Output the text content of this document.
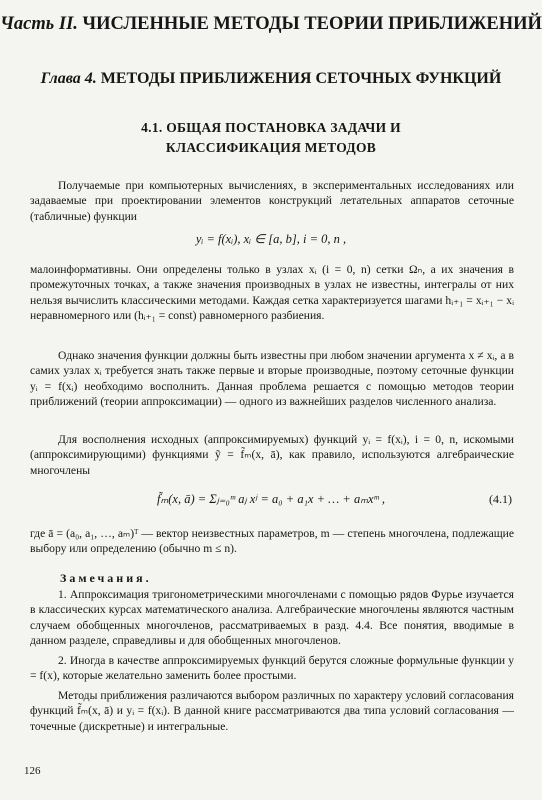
Часть II. ЧИСЛЕННЫЕ МЕТОДЫ ТЕОРИИ ПРИБЛИЖЕНИЙ
Глава 4. МЕТОДЫ ПРИБЛИЖЕНИЯ СЕТОЧНЫХ ФУНКЦИЙ
4.1. ОБЩАЯ ПОСТАНОВКА ЗАДАЧИ И КЛАССИФИКАЦИЯ МЕТОДОВ
Получаемые при компьютерных вычислениях, в экспериментальных исследованиях или задаваемые при проектировании элементов конструкций летательных аппаратов сеточные (табличные) функции
yᵢ = f(xᵢ), xᵢ ∈ [a, b], i = 0, n ,
малоинформативны. Они определены только в узлах xᵢ (i = 0, n) сетки Ωₙ, а их значения в промежуточных точках, а также значения производных в узлах не известны, интегралы от них нельзя вычислить классическими методами. Каждая сетка характеризуется шагами hᵢ₊₁ = xᵢ₊₁ − xᵢ неравномерного или (hᵢ₊₁ = const) равномерного разбиения.
Однако значения функции должны быть известны при любом значении аргумента x ≠ xᵢ, а в самих узлах xᵢ требуется знать также первые и вторые производные, поэтому сеточные функции yᵢ = f(xᵢ) необходимо восполнить. Данная проблема решается с помощью методов теории приближений (теории аппроксимации) — одного из важнейших разделов численного анализа.
Для восполнения исходных (аппроксимируемых) функций yᵢ = f(xᵢ), i = 0, n, искомыми (аппроксимирующими) функциями ỹ = f̃ₘ(x, ā), как правило, используются алгебраические многочлены
f̃ₘ(x, ā) = Σⱼ₌₀ᵐ aⱼ xʲ = a₀ + a₁x + … + aₘxᵐ ,	(4.1)
где ā = (a₀, a₁, …, aₘ)ᵀ — вектор неизвестных параметров, m — степень многочлена, подлежащие выбору или определению (обычно m ≤ n).
Замечания.
1. Аппроксимация тригонометрическими многочленами с помощью рядов Фурье изучается в классических курсах математического анализа. Алгебраические многочлены являются частным случаем обобщенных многочленов, рассматриваемых в разд. 4.4. Все понятия, вводимые в данном разделе, справедливы и для обобщенных многочленов.
2. Иногда в качестве аппроксимируемых функций берутся сложные формульные функции y = f(x), которые желательно заменить более простыми.
Методы приближения различаются выбором различных по характеру условий согласования функций f̃ₘ(x, ā) и yᵢ = f(xᵢ). В данной книге рассматриваются два типа условий согласования — точечные (дискретные) и интегральные.
126
